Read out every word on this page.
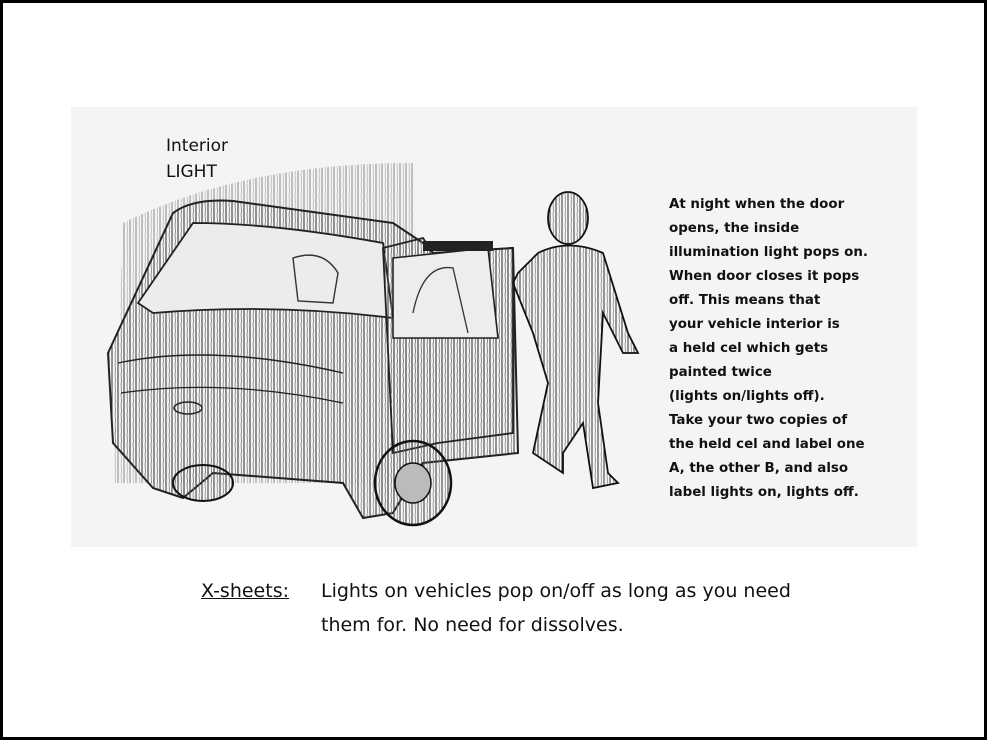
Interior
LIGHT
At night when the door
opens, the inside
illumination light pops on.
When door closes it pops
off. This means that
your vehicle interior is
a held cel which gets
painted twice
(lights on/lights off).
Take your two copies of
the held cel and label one
A, the other B, and also
label lights on, lights off.
X-sheets: Lights on vehicles pop on/off as long as you need
them for. No need for dissolves.
